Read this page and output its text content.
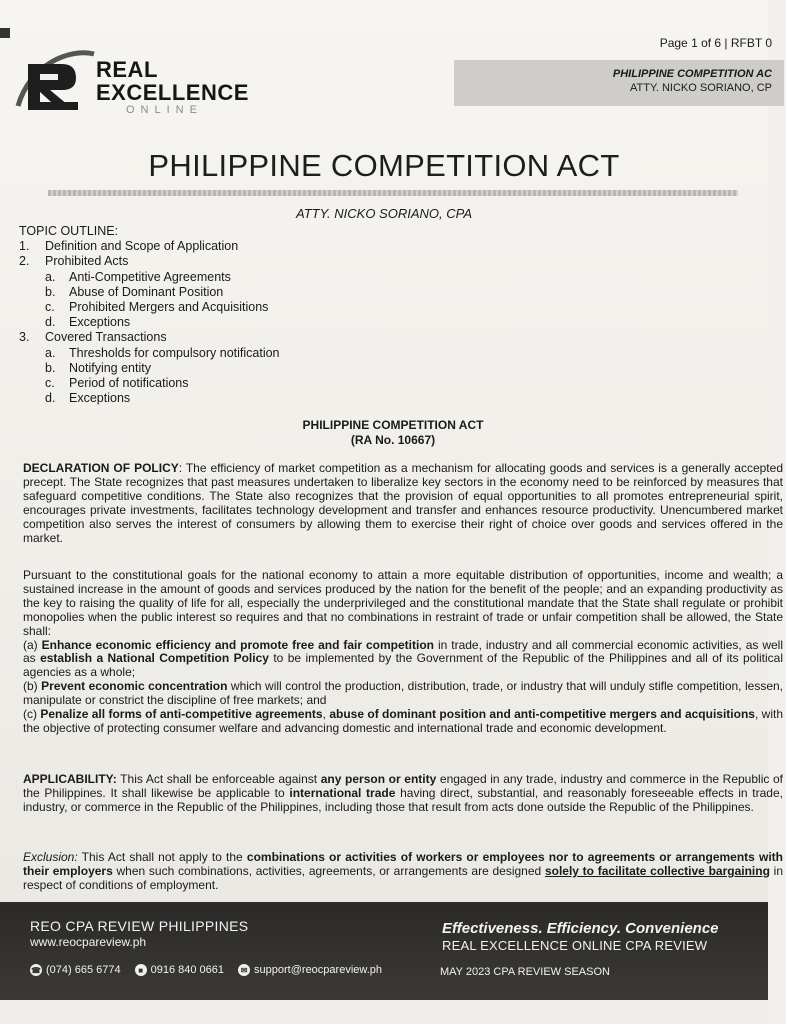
Page 1 of 6 | RFBT 0
REAL
EXCELLENCE
ONLINE
PHILIPPINE COMPETITION AC
ATTY. NICKO SORIANO, CP
PHILIPPINE COMPETITION ACT
ATTY. NICKO SORIANO, CPA
TOPIC OUTLINE:
1.	Definition and Scope of Application
2.	Prohibited Acts
a. Anti-Competitive Agreements
b. Abuse of Dominant Position
c. Prohibited Mergers and Acquisitions
d. Exceptions
3.	Covered Transactions
a. Thresholds for compulsory notification
b. Notifying entity
c. Period of notifications
d. Exceptions
PHILIPPINE COMPETITION ACT
(RA No. 10667)
DECLARATION OF POLICY: The efficiency of market competition as a mechanism for allocating goods and services is a generally accepted precept. The State recognizes that past measures undertaken to liberalize key sectors in the economy need to be reinforced by measures that safeguard competitive conditions. The State also recognizes that the provision of equal opportunities to all promotes entrepreneurial spirit, encourages private investments, facilitates technology development and transfer and enhances resource productivity. Unencumbered market competition also serves the interest of consumers by allowing them to exercise their right of choice over goods and services offered in the market.
Pursuant to the constitutional goals for the national economy to attain a more equitable distribution of opportunities, income and wealth; a sustained increase in the amount of goods and services produced by the nation for the benefit of the people; and an expanding productivity as the key to raising the quality of life for all, especially the underprivileged and the constitutional mandate that the State shall regulate or prohibit monopolies when the public interest so requires and that no combinations in restraint of trade or unfair competition shall be allowed, the State shall:
(a) Enhance economic efficiency and promote free and fair competition in trade, industry and all commercial economic activities, as well as establish a National Competition Policy to be implemented by the Government of the Republic of the Philippines and all of its political agencies as a whole;
(b) Prevent economic concentration which will control the production, distribution, trade, or industry that will unduly stifle competition, lessen, manipulate or constrict the discipline of free markets; and
(c) Penalize all forms of anti-competitive agreements, abuse of dominant position and anti-competitive mergers and acquisitions, with the objective of protecting consumer welfare and advancing domestic and international trade and economic development.
APPLICABILITY: This Act shall be enforceable against any person or entity engaged in any trade, industry and commerce in the Republic of the Philippines. It shall likewise be applicable to international trade having direct, substantial, and reasonably foreseeable effects in trade, industry, or commerce in the Republic of the Philippines, including those that result from acts done outside the Republic of the Philippines.
Exclusion: This Act shall not apply to the combinations or activities of workers or employees nor to agreements or arrangements with their employers when such combinations, activities, agreements, or arrangements are designed solely to facilitate collective bargaining in respect of conditions of employment.
REO CPA REVIEW PHILIPPINES
www.reocpareview.ph
Effectiveness. Efficiency. Convenience
REAL EXCELLENCE ONLINE CPA REVIEW
☎ (074) 665 6774	■ 0916 840 0661	✉ support@reocpareview.ph	MAY 2023 CPA REVIEW SEASON
